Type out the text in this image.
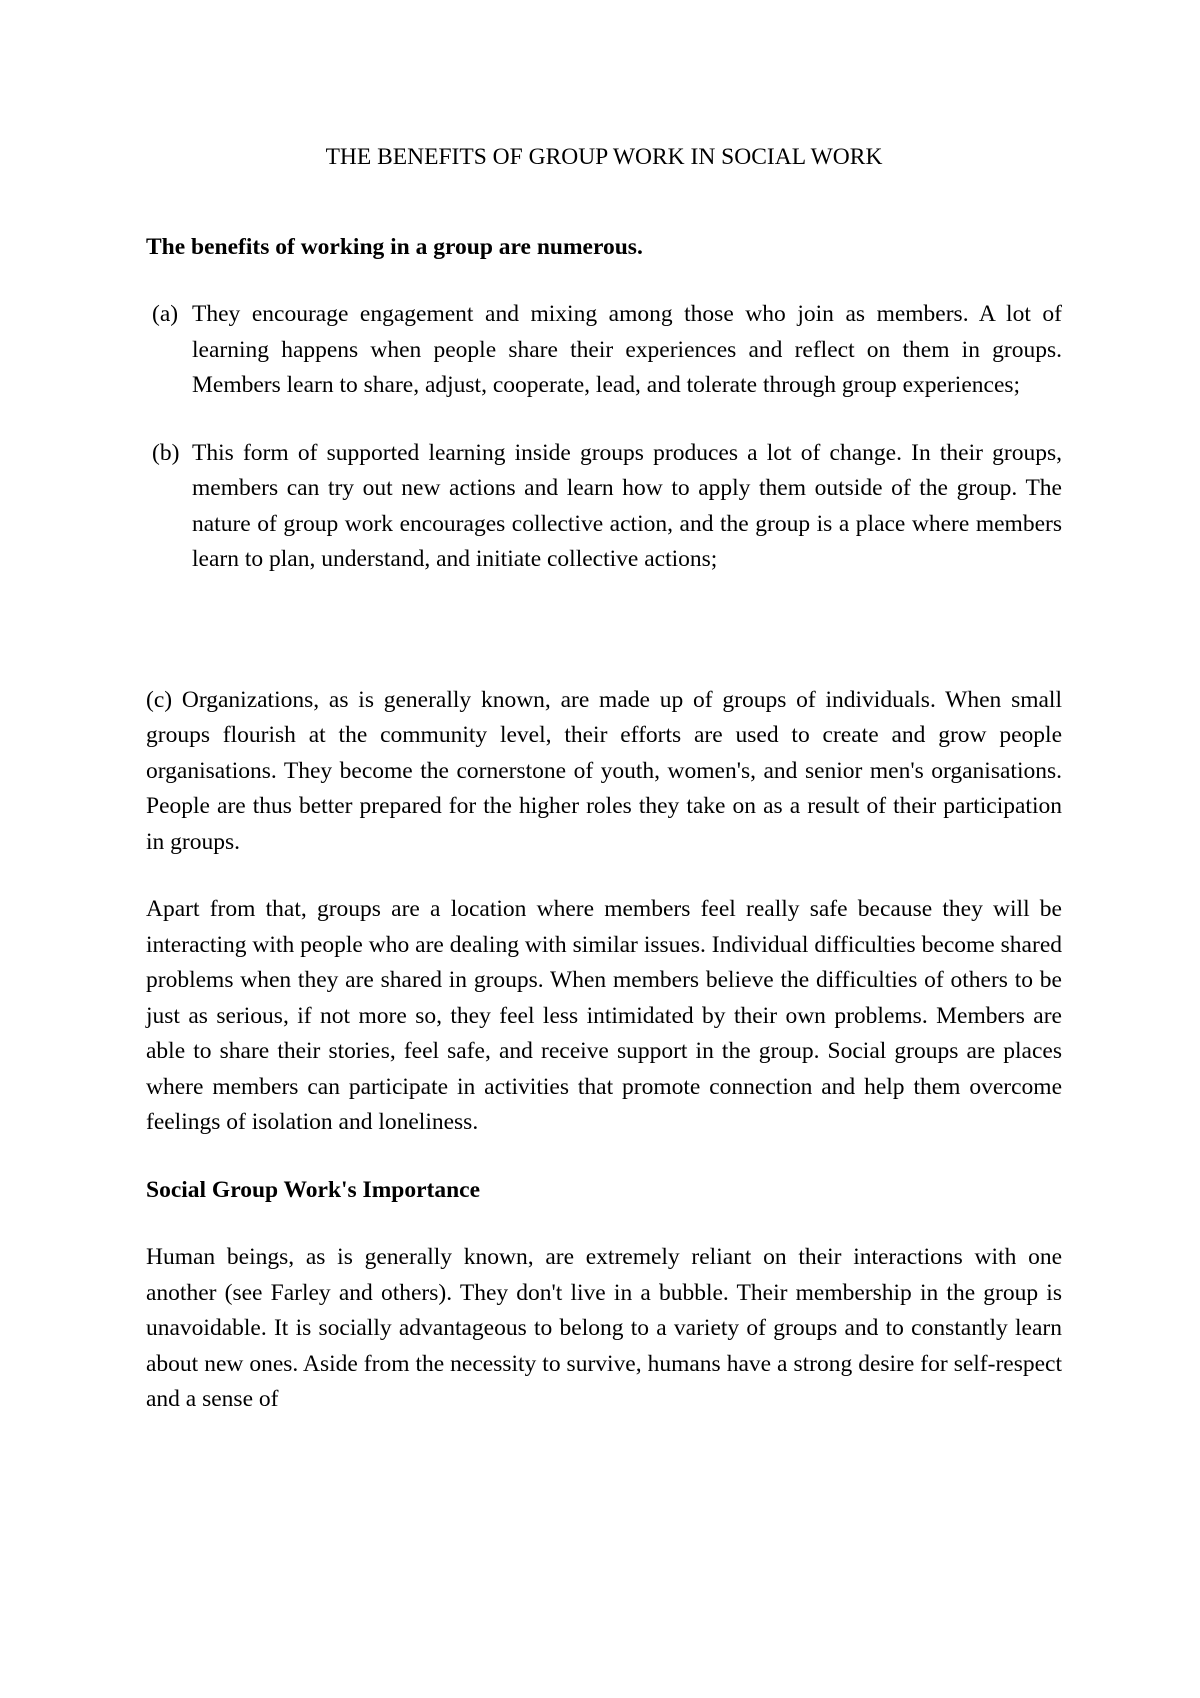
THE BENEFITS OF GROUP WORK IN SOCIAL WORK
The benefits of working in a group are numerous.
(a) They encourage engagement and mixing among those who join as members. A lot of learning happens when people share their experiences and reflect on them in groups. Members learn to share, adjust, cooperate, lead, and tolerate through group experiences;

(b) This form of supported learning inside groups produces a lot of change. In their groups, members can try out new actions and learn how to apply them outside of the group. The nature of group work encourages collective action, and the group is a place where members learn to plan, understand, and initiate collective actions;

(c) Organizations, as is generally known, are made up of groups of individuals. When small groups flourish at the community level, their efforts are used to create and grow people organisations. They become the cornerstone of youth, women's, and senior men's organisations. People are thus better prepared for the higher roles they take on as a result of their participation in groups.

Apart from that, groups are a location where members feel really safe because they will be interacting with people who are dealing with similar issues. Individual difficulties become shared problems when they are shared in groups. When members believe the difficulties of others to be just as serious, if not more so, they feel less intimidated by their own problems. Members are able to share their stories, feel safe, and receive support in the group. Social groups are places where members can participate in activities that promote connection and help them overcome feelings of isolation and loneliness.

Social Group Work's Importance

Human beings, as is generally known, are extremely reliant on their interactions with one another (see Farley and others). They don't live in a bubble. Their membership in the group is unavoidable. It is socially advantageous to belong to a variety of groups and to constantly learn about new ones. Aside from the necessity to survive, humans have a strong desire for self-respect and a sense of
